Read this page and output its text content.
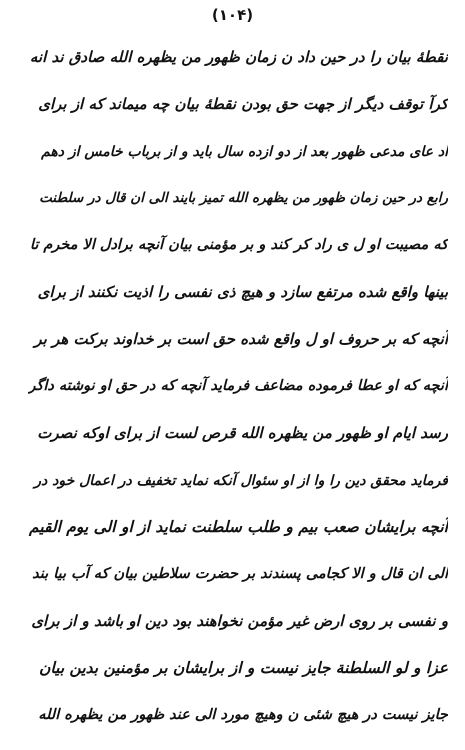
(۱۰۴)
نقطهٔ بیان را در حین داد ن زمان ظهور من یظهره الله صادق ند انه
کرآ توقف دیگر از جهت حق بودن نقطهٔ بیان چه میماند که از برای
اد عای مدعی ظهور بعد از دو ازده سال باید و از برباب خامس از دهم
رابع در حین زمان ظهور من یظهره الله تمیز بایند الی ان قال در سلطنت
که مصیبت او ل ی راد کر کند و بر مؤمنی بیان آنچه برادل الا مخرم تا
بینها واقع شده مرتفع سازد و هیچ ذی نفسی را اذیت نکنند از برای
آنچه که بر حروف او ل واقع شده حق است بر خداوند برکت هر بر
آنچه که او عطا فرموده مضاعف فرماید آنچه که در حق او نوشته داگر
رسد ایام او ظهور من یظهره الله قرص لست از برای اوکه نصرت
فرماید محقق دین را وا از او سئوال آنکه نماید تخفیف در اعمال خود در
آنچه برایشان صعب بیم و طلب سلطنت نماید از او الی یوم القیم
الی ان قال و الا کجامی پسندند بر حضرت سلاطین بیان که آب بیا بند
و نفسی بر روی ارض غیر مؤمن نخواهند بود دین او باشد و از برای
عزا و لو السلطنة جایز نیست و از برایشان بر مؤمنین بدین بیان
جایز نیست در هیچ شئی ن وهیچ مورد الی عند ظهور من یظهره الله
